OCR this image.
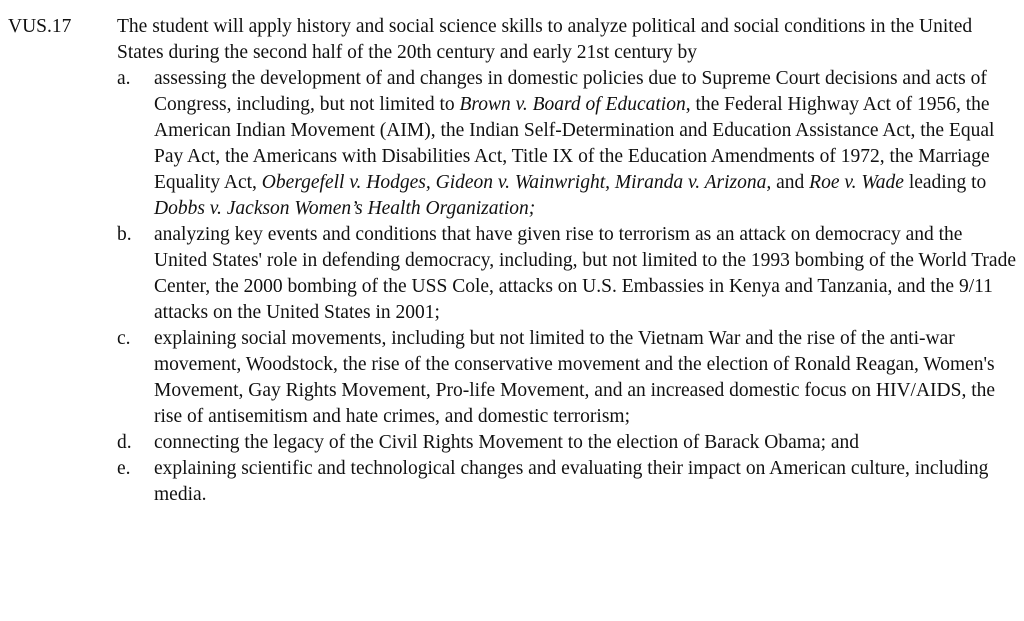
VUS.17 The student will apply history and social science skills to analyze political and social conditions in the United States during the second half of the 20th century and early 21st century by

a.	assessing the development of and changes in domestic policies due to Supreme Court decisions and acts of Congress, including, but not limited to Brown v. Board of Education, the Federal Highway Act of 1956, the American Indian Movement (AIM), the Indian Self-Determination and Education Assistance Act, the Equal Pay Act, the Americans with Disabilities Act, Title IX of the Education Amendments of 1972, the Marriage Equality Act, Obergefell v. Hodges, Gideon v. Wainwright, Miranda v. Arizona, and Roe v. Wade leading to Dobbs v. Jackson Women’s Health Organization;
b.	analyzing key events and conditions that have given rise to terrorism as an attack on democracy and the United States' role in defending democracy, including, but not limited to the 1993 bombing of the World Trade Center, the 2000 bombing of the USS Cole, attacks on U.S. Embassies in Kenya and Tanzania, and the 9/11 attacks on the United States in 2001;
c.	explaining social movements, including but not limited to the Vietnam War and the rise of the anti-war movement, Woodstock, the rise of the conservative movement and the election of Ronald Reagan, Women's Movement, Gay Rights Movement, Pro-life Movement, and an increased domestic focus on HIV/AIDS, the rise of antisemitism and hate crimes, and domestic terrorism;
d.	connecting the legacy of the Civil Rights Movement to the election of Barack Obama; and
e.	explaining scientific and technological changes and evaluating their impact on American culture, including media.
